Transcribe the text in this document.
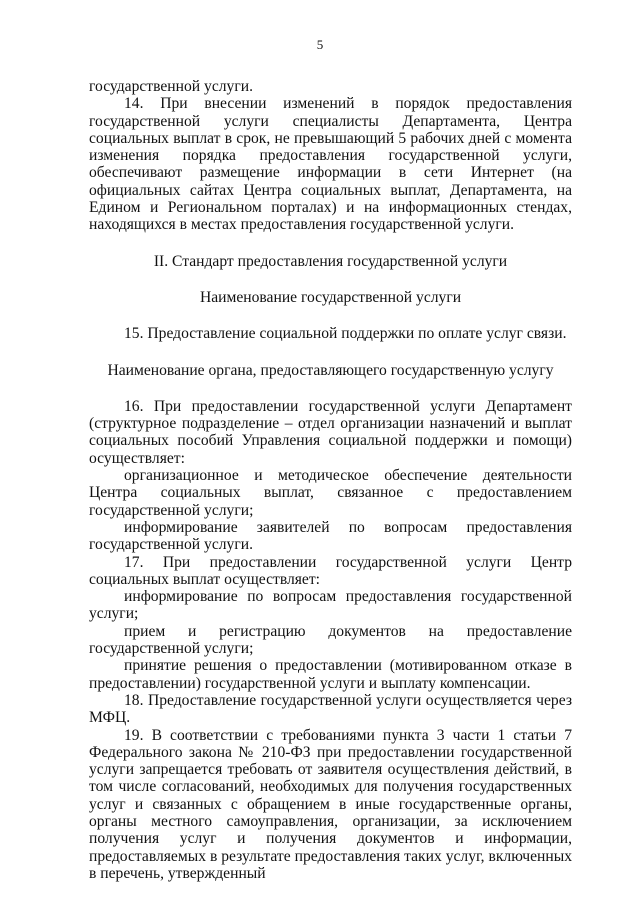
5

государственной услуги.

14. При внесении изменений в порядок предоставления государственной услуги специалисты Департамента, Центра социальных выплат в срок, не превышающий 5 рабочих дней с момента изменения порядка предоставления государственной услуги, обеспечивают размещение информации в сети Интернет (на официальных сайтах Центра социальных выплат, Департамента, на Едином и Региональном порталах) и на информационных стендах, находящихся в местах предоставления государственной услуги.

II. Стандарт предоставления государственной услуги

Наименование государственной услуги

15. Предоставление социальной поддержки по оплате услуг связи.

Наименование органа, предоставляющего государственную услугу

16. При предоставлении государственной услуги Департамент (структурное подразделение – отдел организации назначений и выплат социальных пособий Управления социальной поддержки и помощи) осуществляет:

организационное и методическое обеспечение деятельности Центра социальных выплат, связанное с предоставлением государственной услуги;

информирование заявителей по вопросам предоставления государственной услуги.

17. При предоставлении государственной услуги Центр социальных выплат осуществляет:

информирование по вопросам предоставления государственной услуги;

прием и регистрацию документов на предоставление государственной услуги;

принятие решения о предоставлении (мотивированном отказе в предоставлении) государственной услуги и выплату компенсации.

18. Предоставление государственной услуги осуществляется через МФЦ.

19. В соответствии с требованиями пункта 3 части 1 статьи 7 Федерального закона № 210-ФЗ при предоставлении государственной услуги запрещается требовать от заявителя осуществления действий, в том числе согласований, необходимых для получения государственных услуг и связанных с обращением в иные государственные органы, органы местного самоуправления, организации, за исключением получения услуг и получения документов и информации, предоставляемых в результате предоставления таких услуг, включенных в перечень, утвержденный
